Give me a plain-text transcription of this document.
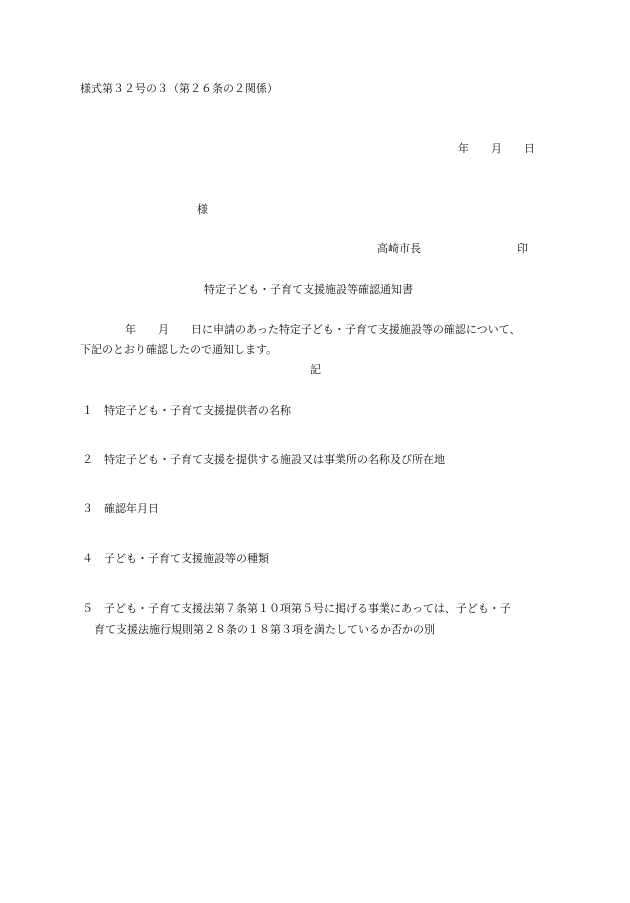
様式第３２号の３（第２６条の２関係）
年 月 日
様
高崎市長	印
特定子ども・子育て支援施設等確認通知書
年 月 日に申請のあった特定子ども・子育て支援施設等の確認について、
下記のとおり確認したので通知します。
記
１ 特定子ども・子育て支援提供者の名称
２ 特定子ども・子育て支援を提供する施設又は事業所の名称及び所在地
３ 確認年月日
４ 子ども・子育て支援施設等の種類
５ 子ども・子育て支援法第７条第１０項第５号に掲げる事業にあっては、子ども・子
育て支援法施行規則第２８条の１８第３項を満たしているか否かの別
